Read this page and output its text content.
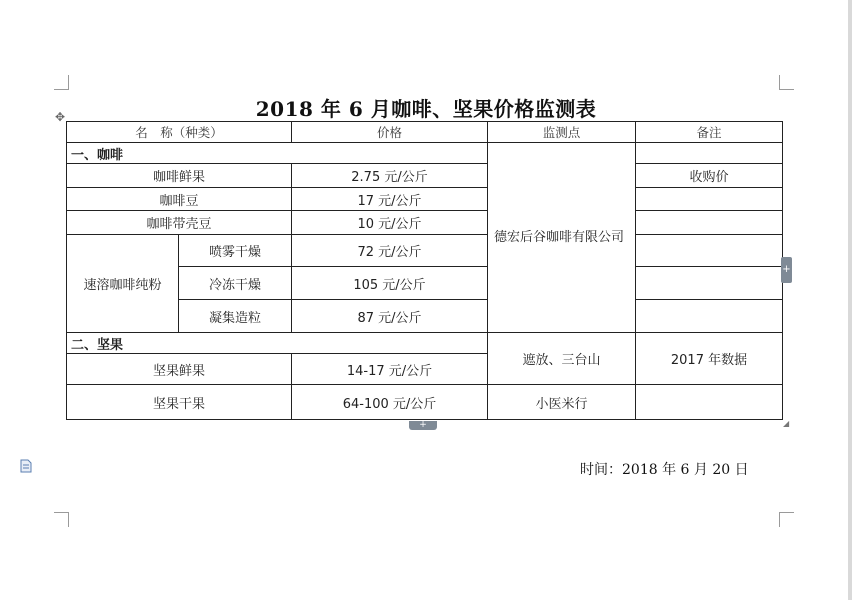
2018 年 6 月咖啡、坚果价格监测表
✥
名　称（种类）		价格	监测点	备注
一、咖啡			德宏后谷咖啡有限公司	
咖啡鲜果		2.75 元/公斤		收购价
咖啡豆		17 元/公斤		
咖啡带壳豆		10 元/公斤		
速溶咖啡纯粉	喷雾干燥	72 元/公斤		
	冷冻干燥	105 元/公斤		
	凝集造粒	87 元/公斤		
二、坚果			遮放、三台山	2017 年数据
坚果鲜果		14-17 元/公斤		
坚果干果		64-100 元/公斤	小医米行	
+
+	◢
时间：2018 年 6 月 20 日
